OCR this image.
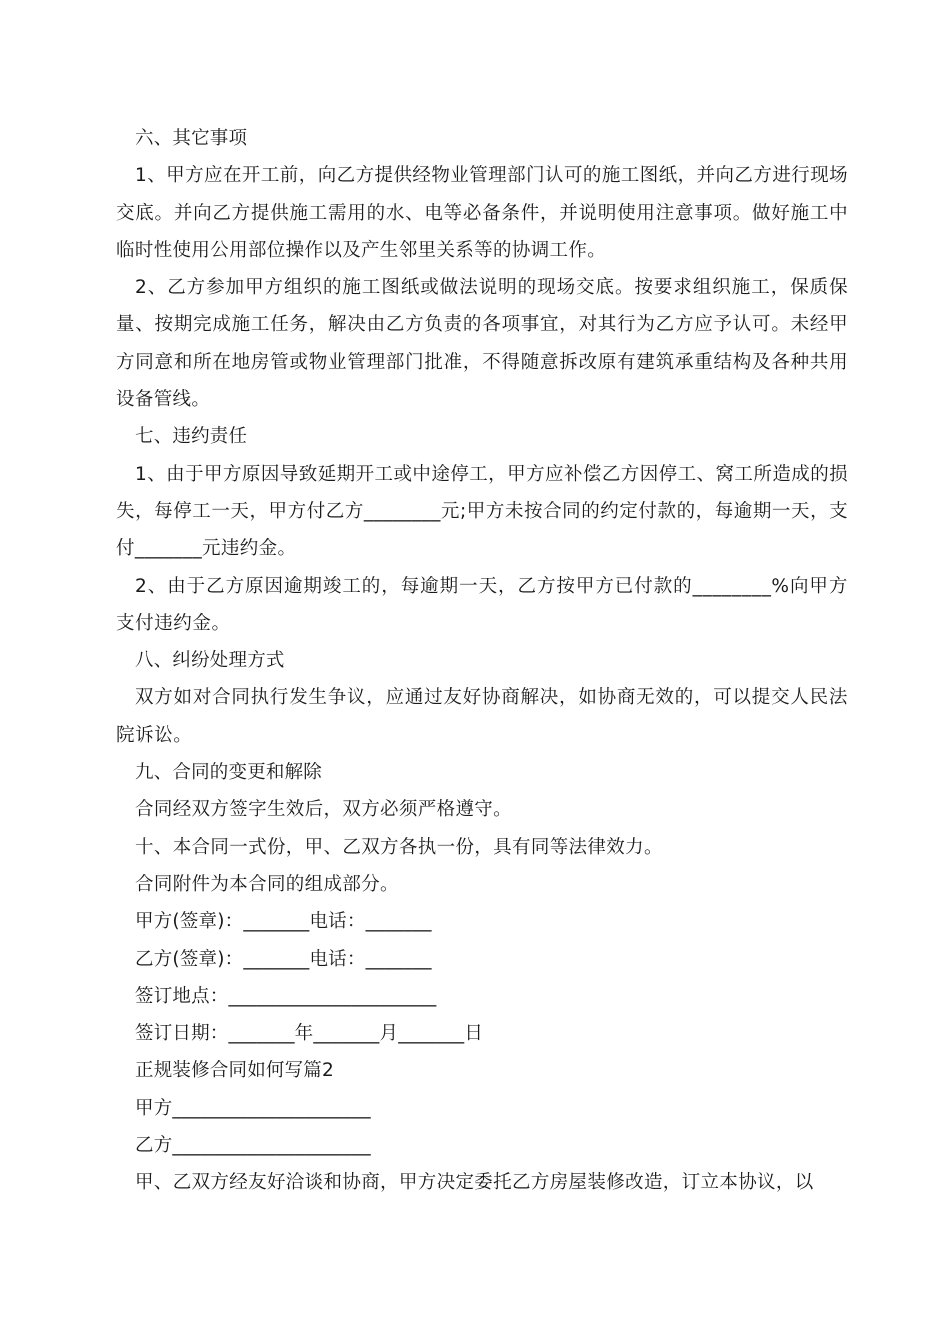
六、其它事项

1、甲方应在开工前，向乙方提供经物业管理部门认可的施工图纸，并向乙方进行现场交底。并向乙方提供施工需用的水、电等必备条件，并说明使用注意事项。做好施工中临时性使用公用部位操作以及产生邻里关系等的协调工作。

2、乙方参加甲方组织的施工图纸或做法说明的现场交底。按要求组织施工，保质保量、按期完成施工任务，解决由乙方负责的各项事宜，对其行为乙方应予认可。未经甲方同意和所在地房管或物业管理部门批准，不得随意拆改原有建筑承重结构及各种共用设备管线。

七、违约责任

1、由于甲方原因导致延期开工或中途停工，甲方应补偿乙方因停工、窝工所造成的损失，每停工一天，甲方付乙方________元;甲方未按合同的约定付款的，每逾期一天，支付_______元违约金。

2、由于乙方原因逾期竣工的，每逾期一天，乙方按甲方已付款的________%向甲方支付违约金。

八、纠纷处理方式

双方如对合同执行发生争议，应通过友好协商解决，如协商无效的，可以提交人民法院诉讼。

九、合同的变更和解除

合同经双方签字生效后，双方必须严格遵守。

十、本合同一式份，甲、乙双方各执一份，具有同等法律效力。

合同附件为本合同的组成部分。

甲方(签章)：_______电话：_______

乙方(签章)：_______电话：_______

签订地点：______________________

签订日期：_______年_______月_______日

正规装修合同如何写篇2

甲方_____________________

乙方_____________________

甲、乙双方经友好洽谈和协商，甲方决定委托乙方房屋装修改造，订立本协议，以
